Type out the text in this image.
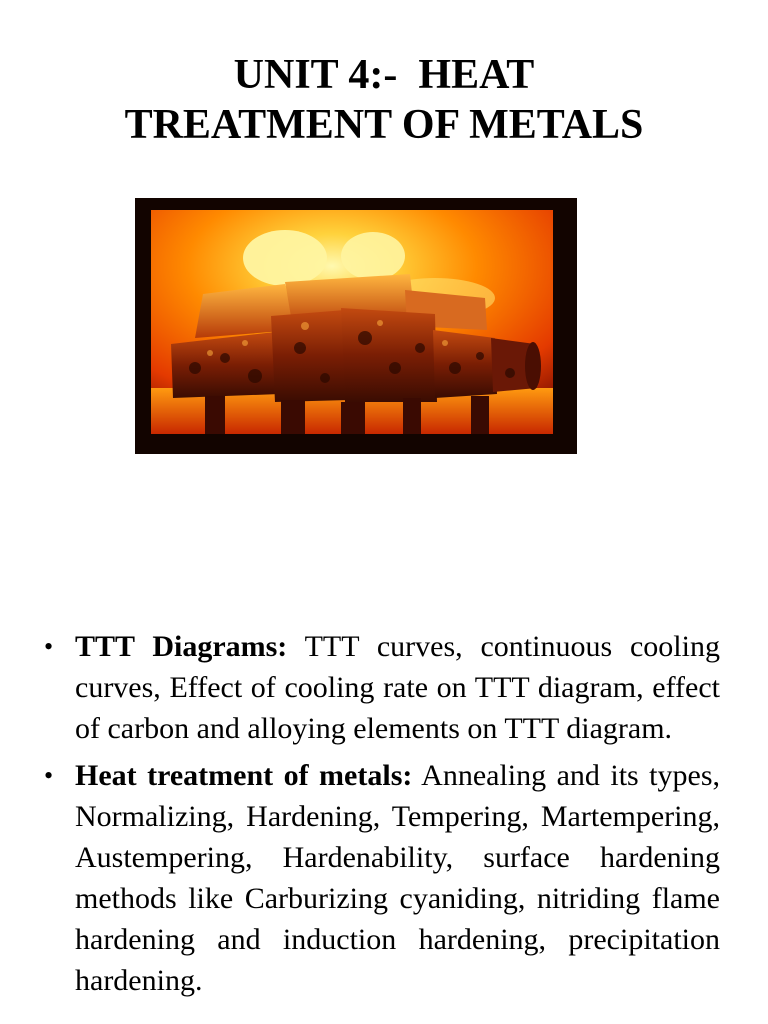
UNIT 4:-  HEAT
TREATMENT OF METALS
• TTT Diagrams: TTT curves, continuous cooling curves, Effect of cooling rate on TTT diagram, effect of carbon and alloying elements on TTT diagram.
• Heat treatment of metals: Annealing and its types, Normalizing, Hardening, Tempering, Martempering, Austempering, Hardenability, surface hardening methods like Carburizing cyaniding, nitriding flame hardening and induction hardening, precipitation hardening.
